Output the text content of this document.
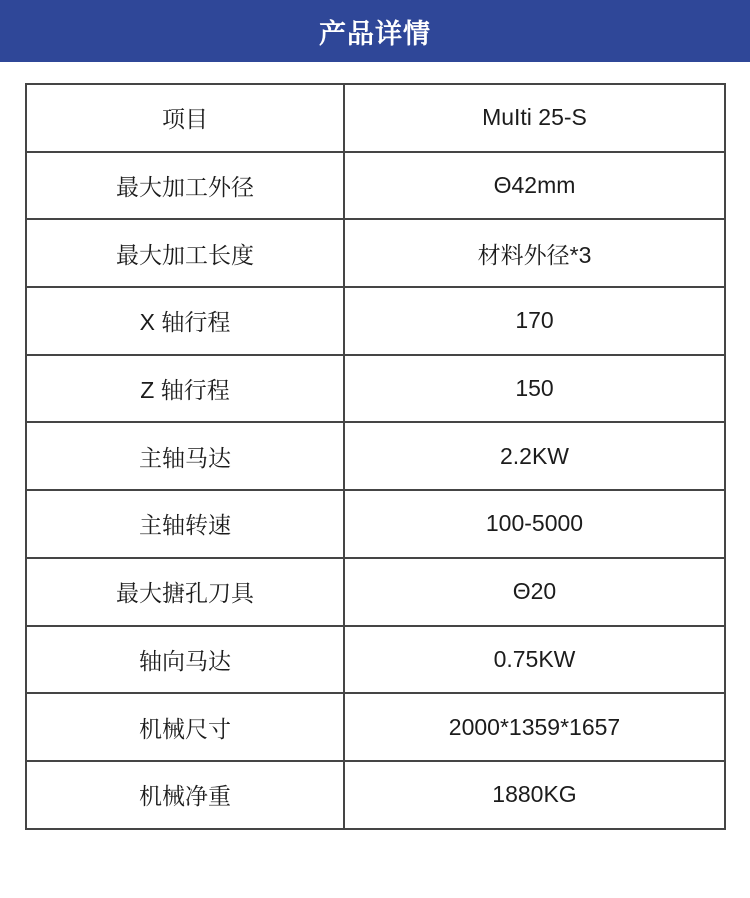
产品详情
项目	MuIti 25-S
最大加工外径	Θ42mm
最大加工长度	材料外径*3
X 轴行程	170
Z 轴行程	150
主轴马达	2.2KW
主轴转速	100-5000
最大搪孔刀具	Θ20
轴向马达	0.75KW
机械尺寸	2000*1359*1657
机械净重	1880KG
